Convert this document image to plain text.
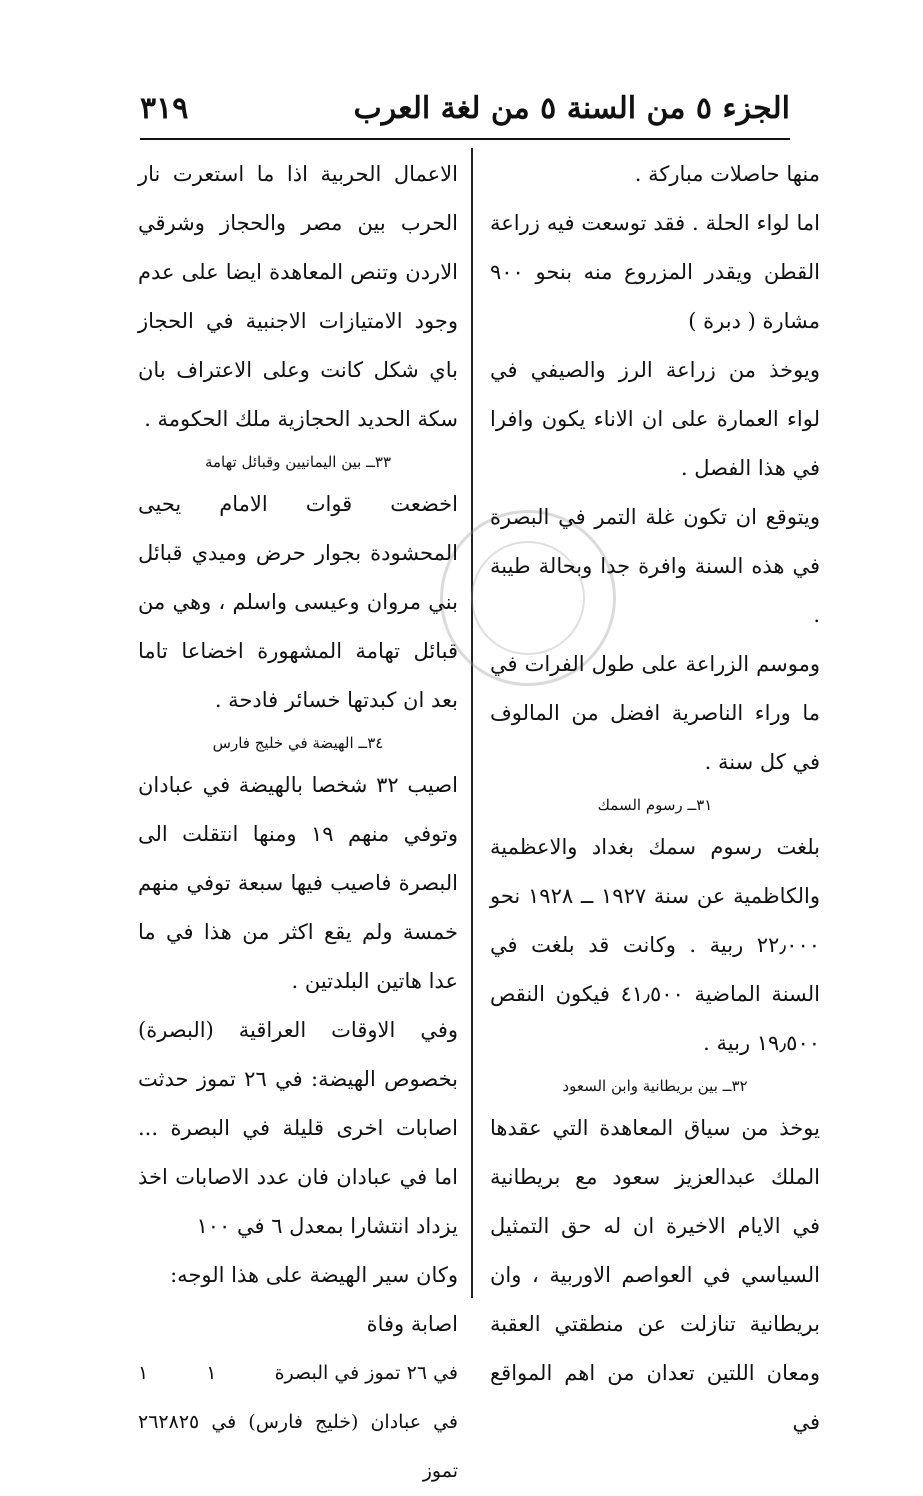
الجزء ٥ من السنة ٥ من لغة العرب
٣١٩

منها حاصلات مباركة .

اما لواء الحلة . فقد توسعت فيه زراعة القطن ويقدر المزروع منه بنحو ٩٠٠ مشارة ( دبرة )

ويوخذ من زراعة الرز والصيفي في لواء العمارة على ان الاناء يكون وافرا في هذا الفصل .

ويتوقع ان تكون غلة التمر في البصرة في هذه السنة وافرة جدا وبحالة طيبة .

وموسم الزراعة على طول الفرات في ما وراء الناصرية افضل من المالوف في كل سنة .

٣١ــ رسوم السمك

بلغت رسوم سمك بغداد والاعظمية والكاظمية عن سنة ١٩٢٧ ــ ١٩٢٨ نحو ٢٢٫٠٠٠ ربية . وكانت قد بلغت في السنة الماضية ٤١٫٥٠٠ فيكون النقص ١٩٫٥٠٠ ربية .

٣٢ــ بين بريطانية وابن السعود

يوخذ من سياق المعاهدة التي عقدها الملك عبدالعزيز سعود مع بريطانية في الايام الاخيرة ان له حق التمثيل السياسي في العواصم الاوربية ، وان بريطانية تنازلت عن منطقتي العقبة ومعان اللتين تعدان من اهم المواقع في

الاعمال الحربية اذا ما استعرت نار الحرب بين مصر والحجاز وشرقي الاردن وتنص المعاهدة ايضا على عدم وجود الامتيازات الاجنبية في الحجاز باي شكل كانت وعلى الاعتراف بان سكة الحديد الحجازية ملك الحكومة .

٣٣ــ بين اليمانيين وقبائل تهامة

اخضعت قوات الامام يحيى المحشودة بجوار حرض وميدي قبائل بني مروان وعيسى واسلم ، وهي من قبائل تهامة المشهورة اخضاعا تاما بعد ان كبدتها خسائر فادحة .

٣٤ــ الهيضة في خليج فارس

اصيب ٣٢ شخصا بالهيضة في عبادان وتوفي منهم ١٩ ومنها انتقلت الى البصرة فاصيب فيها سبعة توفي منهم خمسة ولم يقع اكثر من هذا في ما عدا هاتين البلدتين .

وفي الاوقات العراقية (البصرة) بخصوص الهيضة: في ٢٦ تموز حدثت اصابات اخرى قليلة في البصرة ... اما في عبادان فان عدد الاصابات اخذ يزداد انتشارا بمعدل ٦ في ١٠٠

وكان سير الهيضة على هذا الوجه:

اصابة وفاة

في ٢٦ تموز في البصرة
١
١
في عبادان (خليج فارس) في ٢٥ تموز
٢٨
٢٦
